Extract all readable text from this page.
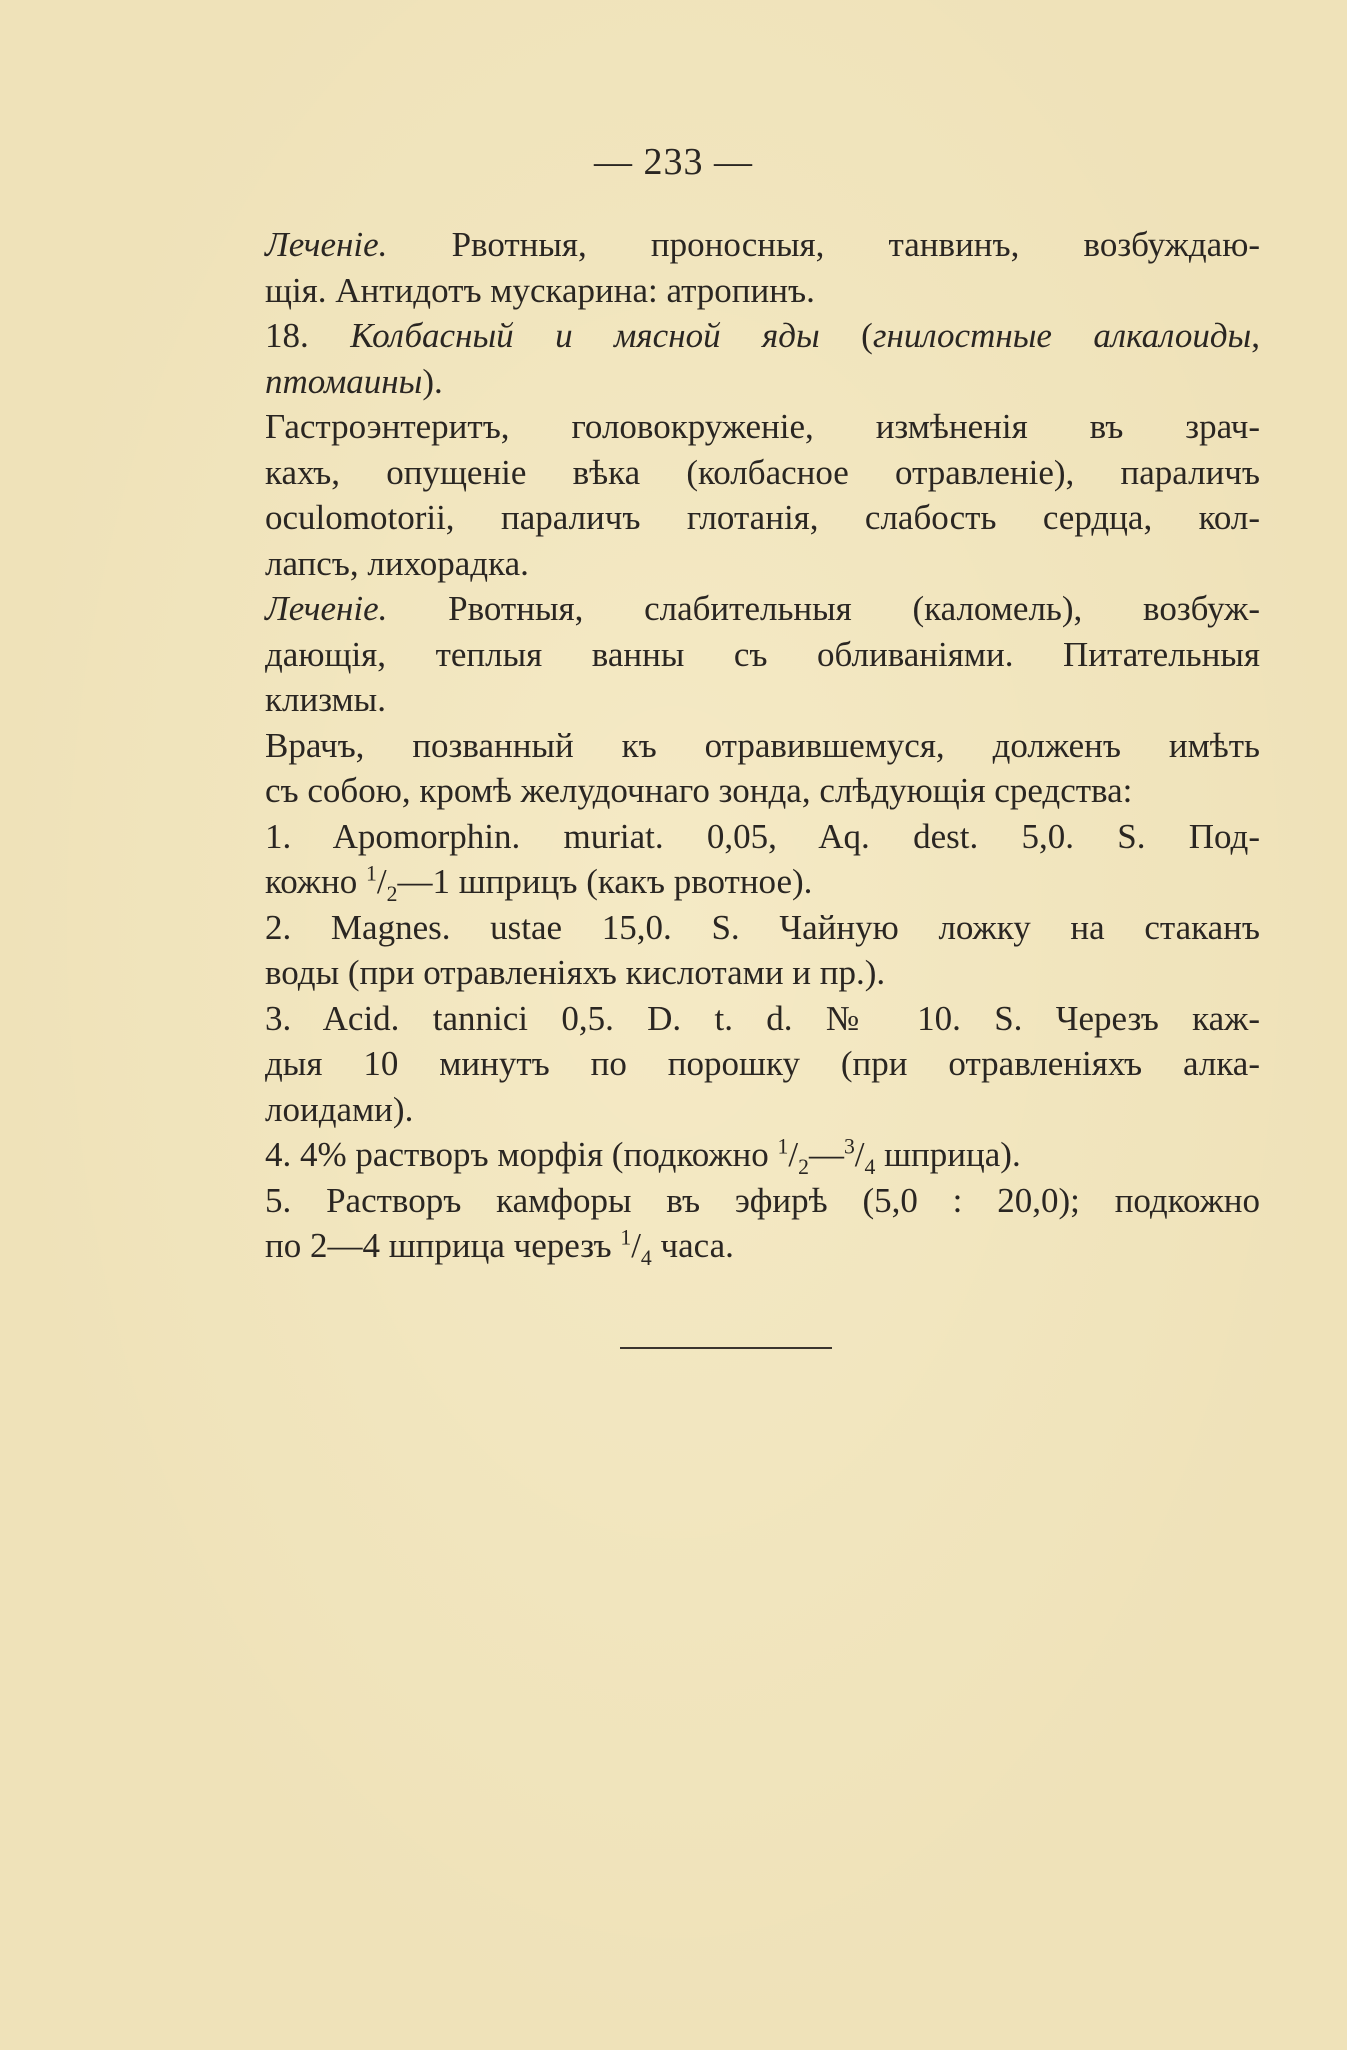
— 233 —
Леченіе. Рвотныя, проносныя, танвинъ, возбуждаю-
щія. Антидотъ мускарина: атропинъ.
18. Колбасный и мясной яды (гнилостные алкалоиды,
птомаины).
Гастроэнтеритъ, головокруженіе, измѣненія въ зрач-
кахъ, опущеніе вѣка (колбасное отравленіе), параличъ
oculomotorii, параличъ глотанія, слабость сердца, кол-
лапсъ, лихорадка.
Леченіе. Рвотныя, слабительныя (каломель), возбуж-
дающія, теплыя ванны съ обливаніями. Питательныя
клизмы.
Врачъ, позванный къ отравившемуся, долженъ имѣть
съ собою, кромѣ желудочнаго зонда, слѣдующія средства:
1. Apomorphin. muriat. 0,05, Aq. dest. 5,0. S. Под-
кожно $^1/_2—1$ шприцъ (какъ рвотное).
2. Magnes. ustae 15,0. S. Чайную ложку на стаканъ
воды (при отравленіяхъ кислотами и пр.).
3. Acid. tannici 0,5. D. t. d. № 10. S. Черезъ каж-
дыя 10 минутъ по порошку (при отравленіяхъ алка-
лоидами).
4. 4% растворъ морфія (подкожно $^1/_2—^3/_4$ шприца).
5. Растворъ камфоры въ эфирѣ (5,0 : 20,0); подкожно
по 2—4 шприца черезъ $^1/_4$ часа.
